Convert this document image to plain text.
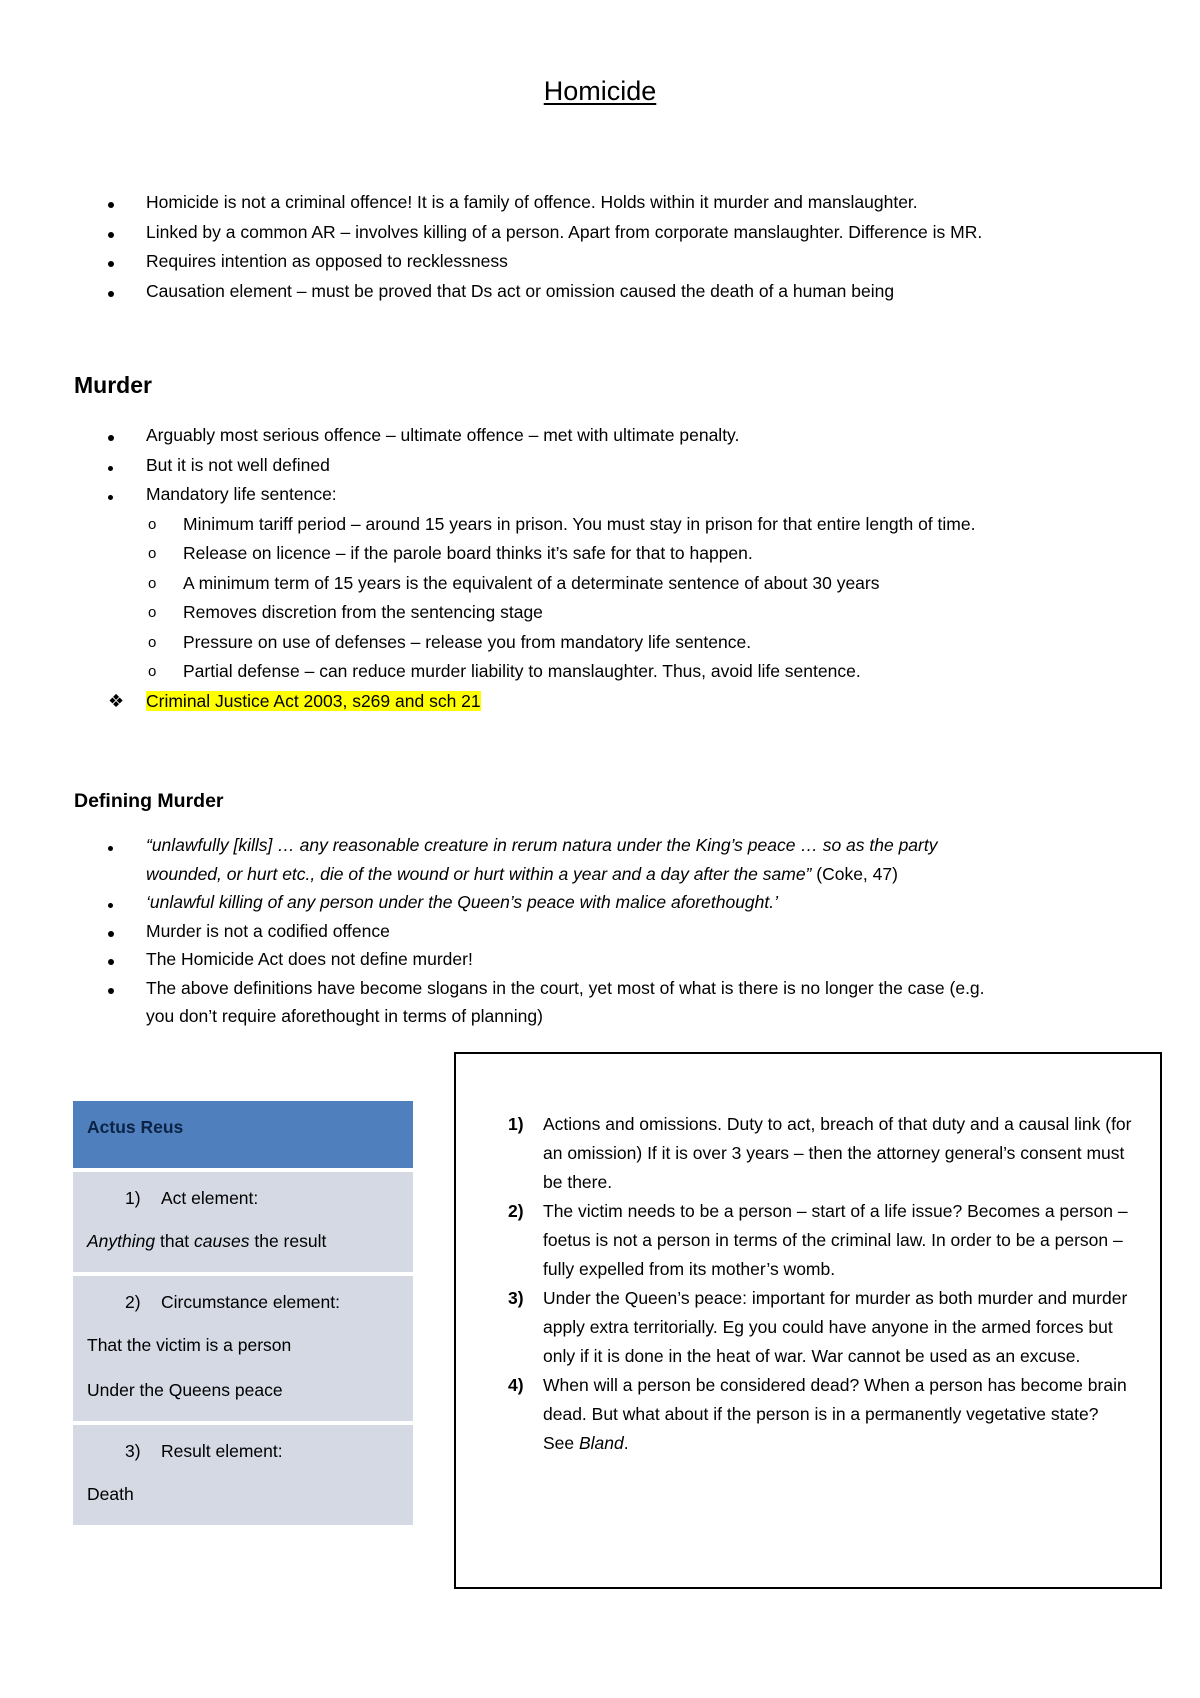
Homicide
Homicide is not a criminal offence! It is a family of offence. Holds within it murder and manslaughter.
Linked by a common AR – involves killing of a person. Apart from corporate manslaughter. Difference is MR.
Requires intention as opposed to recklessness
Causation element – must be proved that Ds act or omission caused the death of a human being
Murder
Arguably most serious offence – ultimate offence – met with ultimate penalty.
But it is not well defined
Mandatory life sentence:
o	Minimum tariff period – around 15 years in prison. You must stay in prison for that entire length of time.
o	Release on licence – if the parole board thinks it’s safe for that to happen.
o	A minimum term of 15 years is the equivalent of a determinate sentence of about 30 years
o	Removes discretion from the sentencing stage
o	Pressure on use of defenses – release you from mandatory life sentence.
o	Partial defense – can reduce murder liability to manslaughter. Thus, avoid life sentence.
❖ Criminal Justice Act 2003, s269 and sch 21
Defining Murder
“unlawfully [kills] … any reasonable creature in rerum natura under the King’s peace … so as the party
wounded, or hurt etc., die of the wound or hurt within a year and a day after the same” (Coke, 47)
‘unlawful killing of any person under the Queen’s peace with malice aforethought.’
Murder is not a codified offence
The Homicide Act does not define murder!
The above definitions have become slogans in the court, yet most of what is there is no longer the case (e.g.
you don’t require aforethought in terms of planning)
Actus Reus
1) Act element:

Anything that causes the result

2) Circumstance element:

That the victim is a person

Under the Queens peace

3) Result element:

Death

1) Actions and omissions. Duty to act, breach of that duty and a causal link (for an omission) If it is over 3 years – then the attorney general’s consent must be there.
2) The victim needs to be a person – start of a life issue? Becomes a person – foetus is not a person in terms of the criminal law. In order to be a person – fully expelled from its mother’s womb.
3) Under the Queen’s peace: important for murder as both murder and murder apply extra territorially. Eg you could have anyone in the armed forces but only if it is done in the heat of war. War cannot be used as an excuse.
4) When will a person be considered dead? When a person has become brain dead. But what about if the person is in a permanently vegetative state? See Bland.
